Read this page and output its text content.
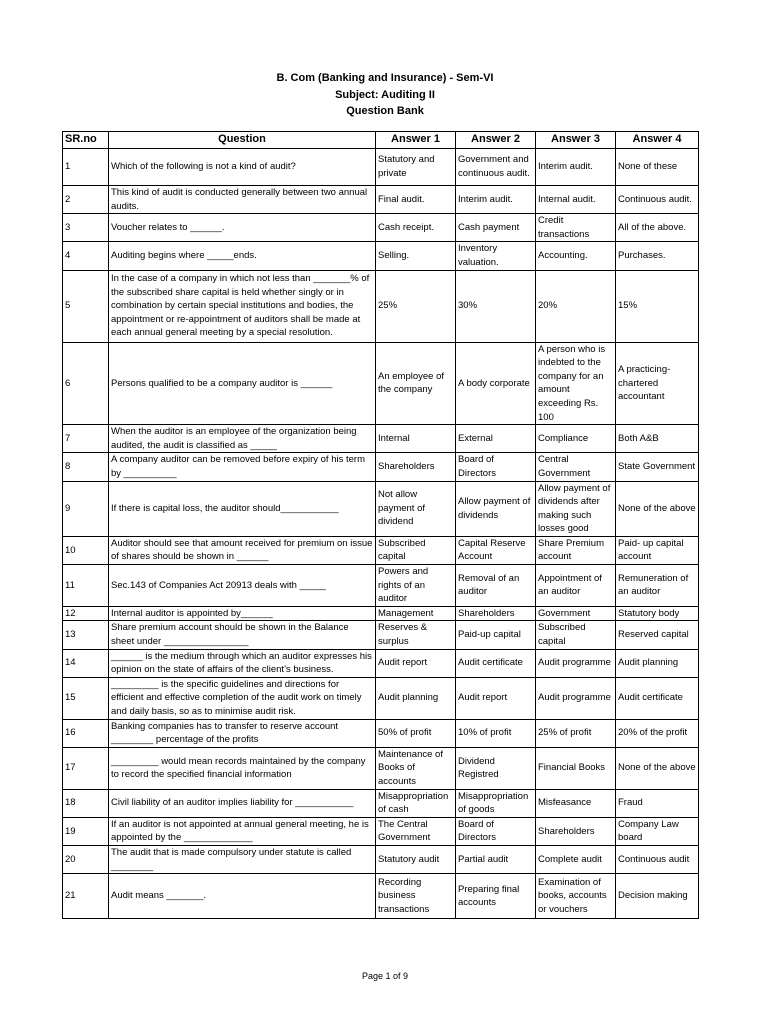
B. Com (Banking and Insurance) - Sem-VI
Subject: Auditing II
Question Bank
SR.no	Question	Answer 1	Answer 2	Answer 3	Answer 4
1	Which of the following is not a kind of audit?	Statutory and private	Government and continuous audit.	Interim audit.	None of these
2	This kind of audit is conducted generally between two annual audits.	Final audit.	Interim audit.	Internal audit.	Continuous audit.
3	Voucher relates to ______.	Cash receipt.	Cash payment	Credit transactions	All of the above.
4	Auditing begins where _____ends.	Selling.	Inventory valuation.	Accounting.	Purchases.
5	In the case of a company in which not less than _______% of the subscribed share capital is held whether singly or in combination by certain special institutions and bodies, the appointment or re-appointment of auditors shall be made at each annual general meeting by a special resolution.	25%	30%	20%	15%
6	Persons qualified to be a company auditor is ______	An employee of the company	A body corporate	A person who is indebted to the company for an amount exceeding Rs. 100	A practicing-chartered accountant
7	When the auditor is an employee of the organization being audited, the audit is classified as _____	Internal	External	Compliance	Both A&B
8	A company auditor can be removed before expiry of his term by __________	Shareholders	Board of Directors	Central Government	State Government
9	If there is capital loss, the auditor should___________	Not allow payment of dividend	Allow payment of dividends	Allow payment of dividends after making such losses good	None of the above
10	Auditor should see that amount received for premium on issue of shares should be shown in ______	Subscribed capital	Capital Reserve Account	Share Premium account	Paid- up capital account
11	Sec.143 of Companies Act 20913 deals with _____	Powers and rights of an auditor	Removal of an auditor	Appointment of an auditor	Remuneration of an auditor
12	Internal auditor is appointed by______	Management	Shareholders	Government	Statutory body
13	Share premium account should be shown in the Balance sheet under ________________	Reserves & surplus	Paid-up capital	Subscribed capital	Reserved capital
14	______ is the medium through which an auditor expresses his opinion on the state of affairs of the client’s business.	Audit report	Audit certificate	Audit programme	Audit planning
15	_________ is the specific guidelines and directions for efficient and effective completion of the audit work on timely and daily basis, so as to minimise audit risk.	Audit planning	Audit report	Audit programme	Audit certificate
16	Banking companies has to transfer to reserve account ________ percentage of the profits	50% of profit	10% of profit	25% of profit	20% of the profit
17	_________ would mean records maintained by the company to record the specified financial information	Maintenance of Books of accounts	Dividend Registred	Financial Books	None of the above
18	Civil liability of an auditor implies liability for ___________	Misappropriation of cash	Misappropriation of goods	Misfeasance	Fraud
19	If an auditor is not appointed at annual general meeting, he is appointed by the _____________	The Central Government	Board of Directors	Shareholders	Company Law board
20	The audit that is made compulsory under statute is called ________	Statutory audit	Partial audit	Complete audit	Continuous audit
21	Audit means _______.	Recording business transactions	Preparing final accounts	Examination of books, accounts or vouchers	Decision making
Page 1 of 9
